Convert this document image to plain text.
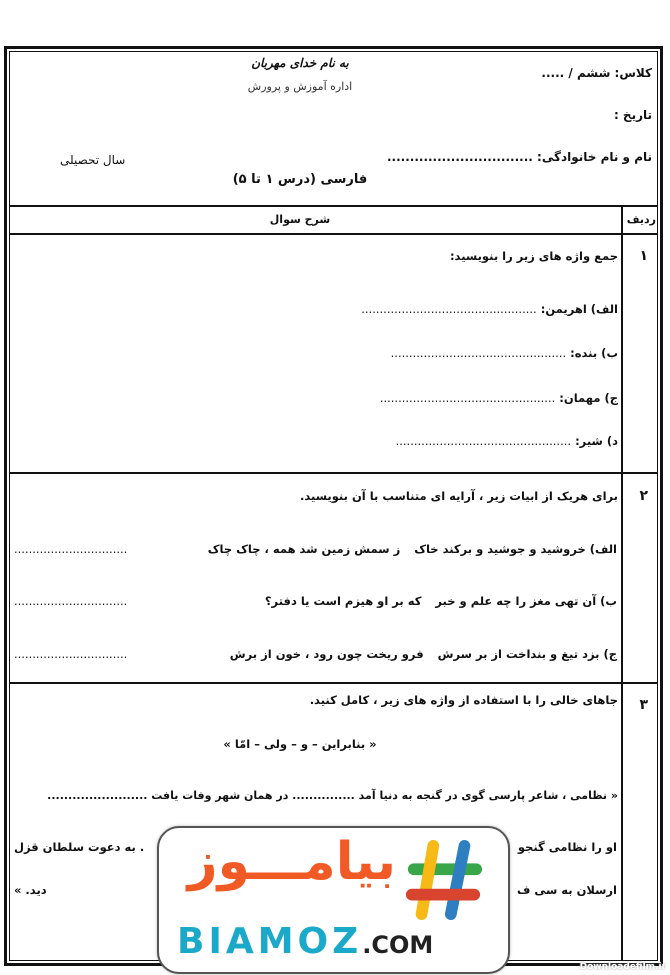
به نام خدای مهربان
اداره آموزش و پرورش
کلاس: ششم / .....
تاریخ :
نام و نام خانوادگی: ................................
سال تحصیلی
فارسی (درس ۱ تا ۵)
ردیف
شرح سوال
۱
جمع واژه های زیر را بنویسید:
الف) اهریمن: ................................................
ب) بنده: ................................................
ج) مهمان: ................................................
د) شیر: ................................................
۲
برای هریک از ابیات زیر ، آرایه ای متناسب با آن بنویسید.
الف) خروشید و جوشید و برکند خاک
ز سمش زمین شد همه ، چاک چاک
...............................
ب) آن تهی مغز را چه علم و خبر
که بر او هیزم است یا دفتر؟
...............................
ج) بزد تیغ و بنداخت از بر سرش
فرو ریخت چون رود ، خون از برش
...............................
۳
جاهای خالی را با استفاده از واژه های زیر ، کامل کنید.
« بنابراین – و – ولی – امّا »
« نظامی ، شاعر پارسی گوی در گنجه به دنیا آمد ............... در همان شهر وفات یافت ........................
او را نظامی گنجو
. به دعوت سلطان قزل
ارسلان به سی ف
دید. »	بیامـــوز
BIAMOZ.COM
Downloadefilm.ir
